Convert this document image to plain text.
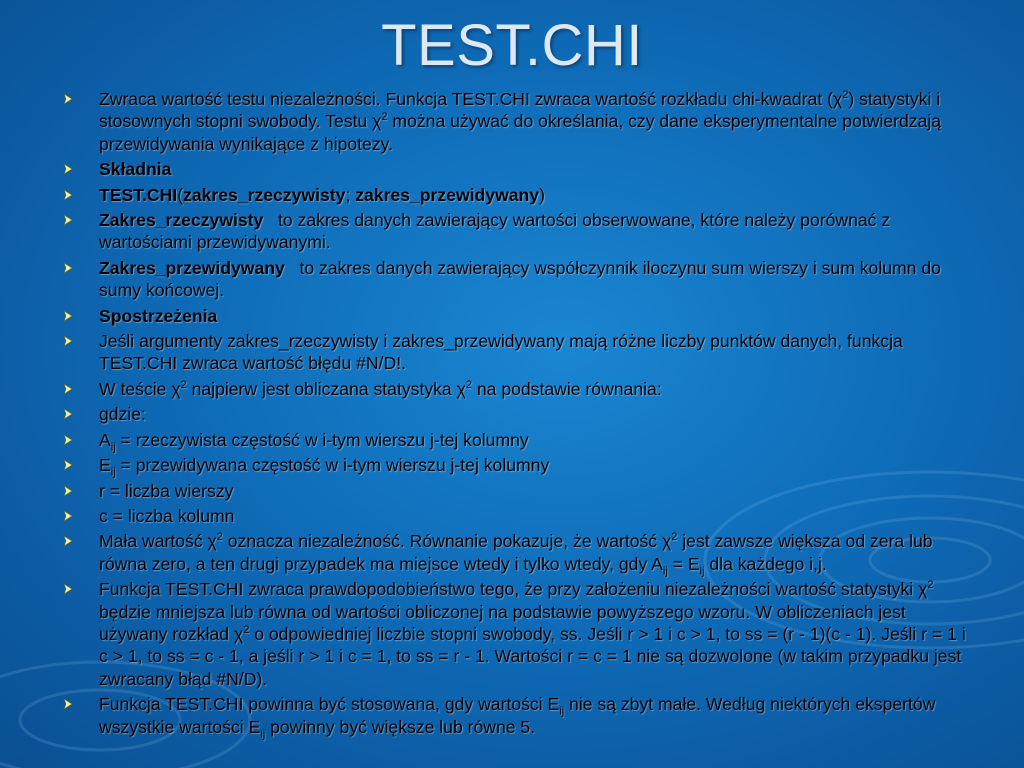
TEST.CHI
Zwraca wartość testu niezależności. Funkcja TEST.CHI zwraca wartość rozkładu chi-kwadrat $(\chi^2)$ statystyki i stosownych stopni swobody. Testu $\chi^2$ można używać do określania, czy dane eksperymentalne potwierdzają przewidywania wynikające z hipotezy.
Składnia
TEST.CHI(zakres_rzeczywisty; zakres_przewidywany)
Zakres_rzeczywisty   to zakres danych zawierający wartości obserwowane, które należy porównać z wartościami przewidywanymi.
Zakres_przewidywany   to zakres danych zawierający współczynnik iloczynu sum wierszy i sum kolumn do sumy końcowej.
Spostrzeżenia
Jeśli argumenty zakres_rzeczywisty i zakres_przewidywany mają różne liczby punktów danych, funkcja TEST.CHI zwraca wartość błędu #N/D!.
W teście $\chi^2$ najpierw jest obliczana statystyka $\chi^2$ na podstawie równania:
gdzie:
$A_{ij}$ = rzeczywista częstość w i-tym wierszu j-tej kolumny
$E_{ij}$ = przewidywana częstość w i-tym wierszu j-tej kolumny
r = liczba wierszy
c = liczba kolumn
Mała wartość $\chi^2$ oznacza niezależność. Równanie pokazuje, że wartość $\chi^2$ jest zawsze większa od zera lub równa zero, a ten drugi przypadek ma miejsce wtedy i tylko wtedy, gdy $A_{ij} = E_{ij}$ dla każdego i,j.
Funkcja TEST.CHI zwraca prawdopodobieństwo tego, że przy założeniu niezależności wartość statystyki $\chi^2$ będzie mniejsza lub równa od wartości obliczonej na podstawie powyższego wzoru. W obliczeniach jest używany rozkład $\chi^2$ o odpowiedniej liczbie stopni swobody, ss. Jeśli r > 1 i c > 1, to ss = (r - 1)(c - 1). Jeśli r = 1 i c > 1, to ss = c - 1, a jeśli r > 1 i c = 1, to ss = r - 1. Wartości r = c = 1 nie są dozwolone (w takim przypadku jest zwracany błąd #N/D).
Funkcja TEST.CHI powinna być stosowana, gdy wartości $E_{ij}$ nie są zbyt małe. Według niektórych ekspertów wszystkie wartości $E_{ij}$ powinny być większe lub równe 5.
